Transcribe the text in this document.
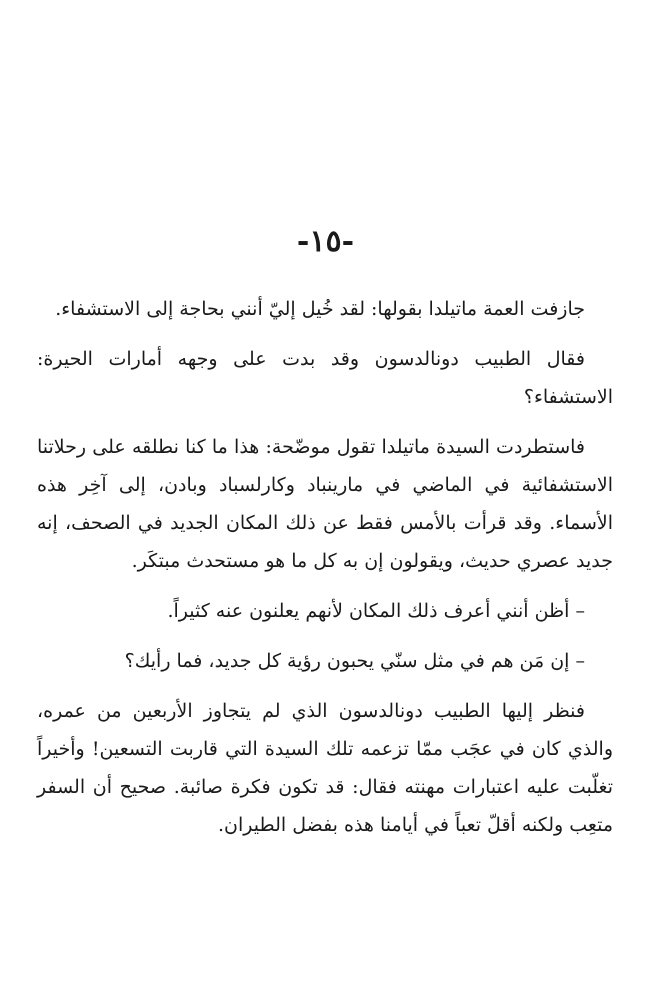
-١٥-

جازفت العمة ماتيلدا بقولها: لقد خُيل إليّ أنني بحاجة إلى الاستشفاء.

فقال الطبيب دونالدسون وقد بدت على وجهه أمارات الحيرة: الاستشفاء؟

فاستطردت السيدة ماتيلدا تقول موضّحة: هذا ما كنا نطلقه على رحلاتنا الاستشفائية في الماضي في مارينباد وكارلسباد وبادن، إلى آخِر هذه الأسماء. وقد قرأت بالأمس فقط عن ذلك المكان الجديد في الصحف، إنه جديد عصري حديث، ويقولون إن به كل ما هو مستحدث مبتكَر.

– أظن أنني أعرف ذلك المكان لأنهم يعلنون عنه كثيراً.

– إن مَن هم في مثل سنّي يحبون رؤية كل جديد، فما رأيك؟

فنظر إليها الطبيب دونالدسون الذي لم يتجاوز الأربعين من عمره، والذي كان في عجَب ممّا تزعمه تلك السيدة التي قاربت التسعين! وأخيراً تغلّبت عليه اعتبارات مهنته فقال: قد تكون فكرة صائبة. صحيح أن السفر متعِب ولكنه أقلّ تعباً في أيامنا هذه بفضل الطيران.
